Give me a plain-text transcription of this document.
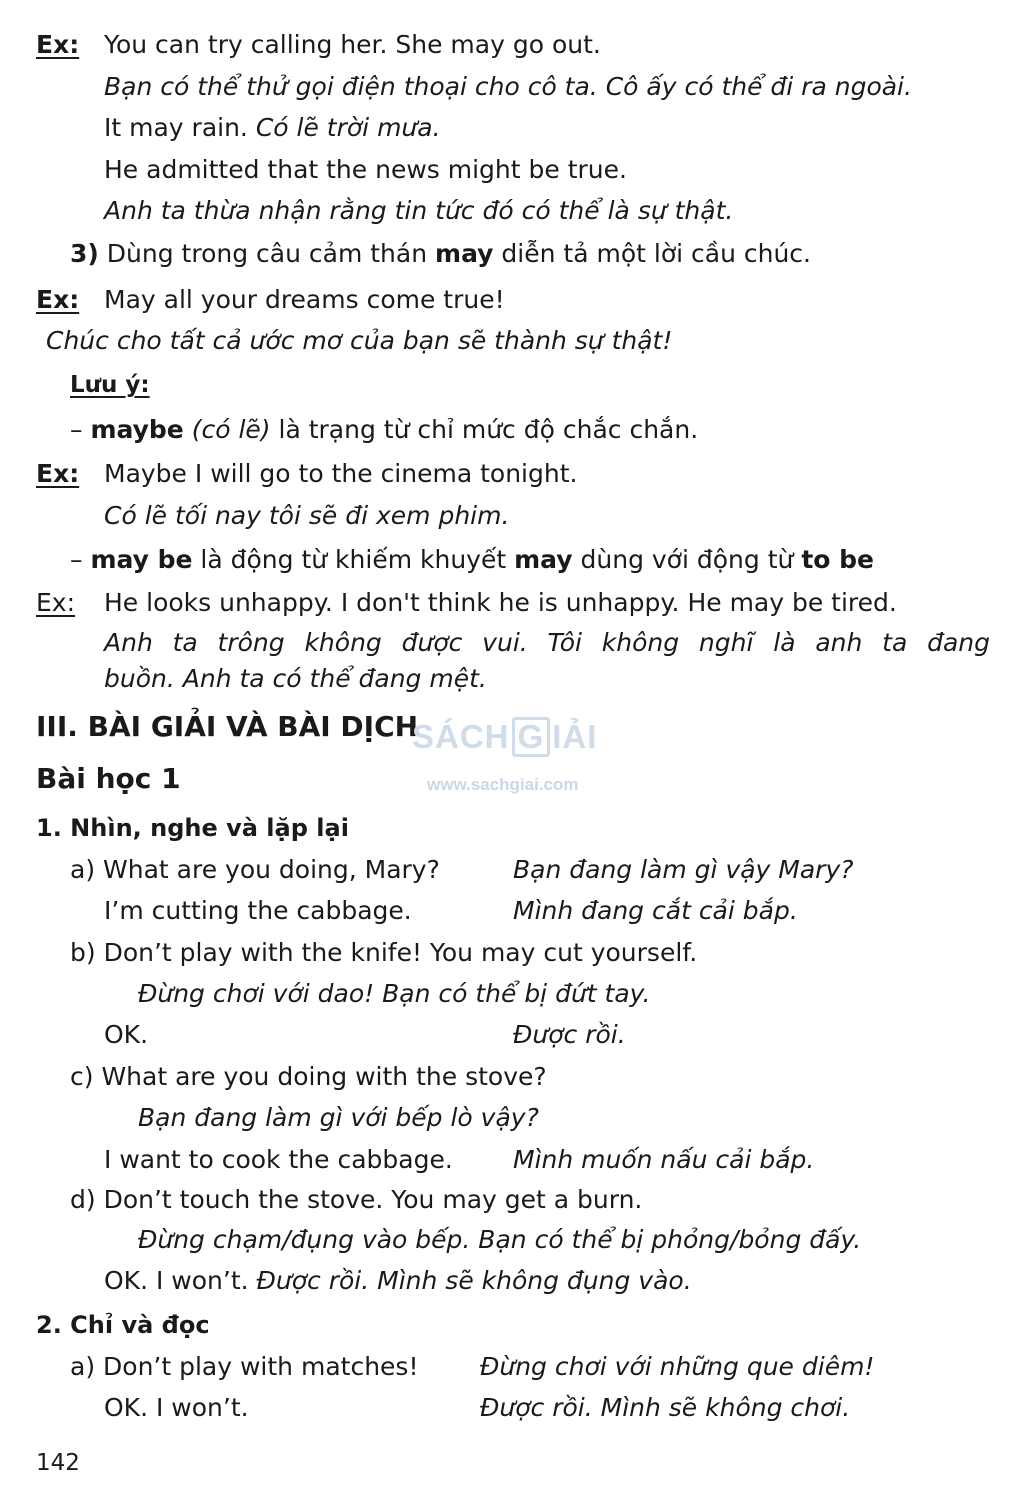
Ex: You can try calling her. She may go out.
Bạn có thể thử gọi điện thoại cho cô ta. Cô ấy có thể đi ra ngoài.
It may rain. Có lẽ trời mưa.
He admitted that the news might be true.
Anh ta thừa nhận rằng tin tức đó có thể là sự thật.
3) Dùng trong câu cảm thán may diễn tả một lời cầu chúc.
Ex: May all your dreams come true!
Chúc cho tất cả ước mơ của bạn sẽ thành sự thật!
Lưu ý:
– maybe (có lẽ) là trạng từ chỉ mức độ chắc chắn.
Ex: Maybe I will go to the cinema tonight.
Có lẽ tối nay tôi sẽ đi xem phim.
– may be là động từ khiếm khuyết may dùng với động từ to be
Ex: He looks unhappy. I don't think he is unhappy. He may be tired.
Anh ta trông không được vui. Tôi không nghĩ là anh ta đang
buồn. Anh ta có thể đang mệt.
III. BÀI GIẢI VÀ BÀI DỊCH
Bài học 1
SÁCH G IẢI
www.sachgiai.com
1. Nhìn, nghe và lặp lại
a) What are you doing, Mary?	Bạn đang làm gì vậy Mary?
I’m cutting the cabbage.	Mình đang cắt cải bắp.
b) Don’t play with the knife! You may cut yourself.
Đừng chơi với dao! Bạn có thể bị đứt tay.
OK.	Được rồi.
c) What are you doing with the stove?
Bạn đang làm gì với bếp lò vậy?
I want to cook the cabbage. Mình muốn nấu cải bắp.
d) Don’t touch the stove. You may get a burn.
Đừng chạm/đụng vào bếp. Bạn có thể bị phỏng/bỏng đấy.
OK. I won’t. Được rồi. Mình sẽ không đụng vào.
2. Chỉ và đọc
a) Don’t play with matches! Đừng chơi với những que diêm!
OK. I won’t.	Được rồi. Mình sẽ không chơi.
142
